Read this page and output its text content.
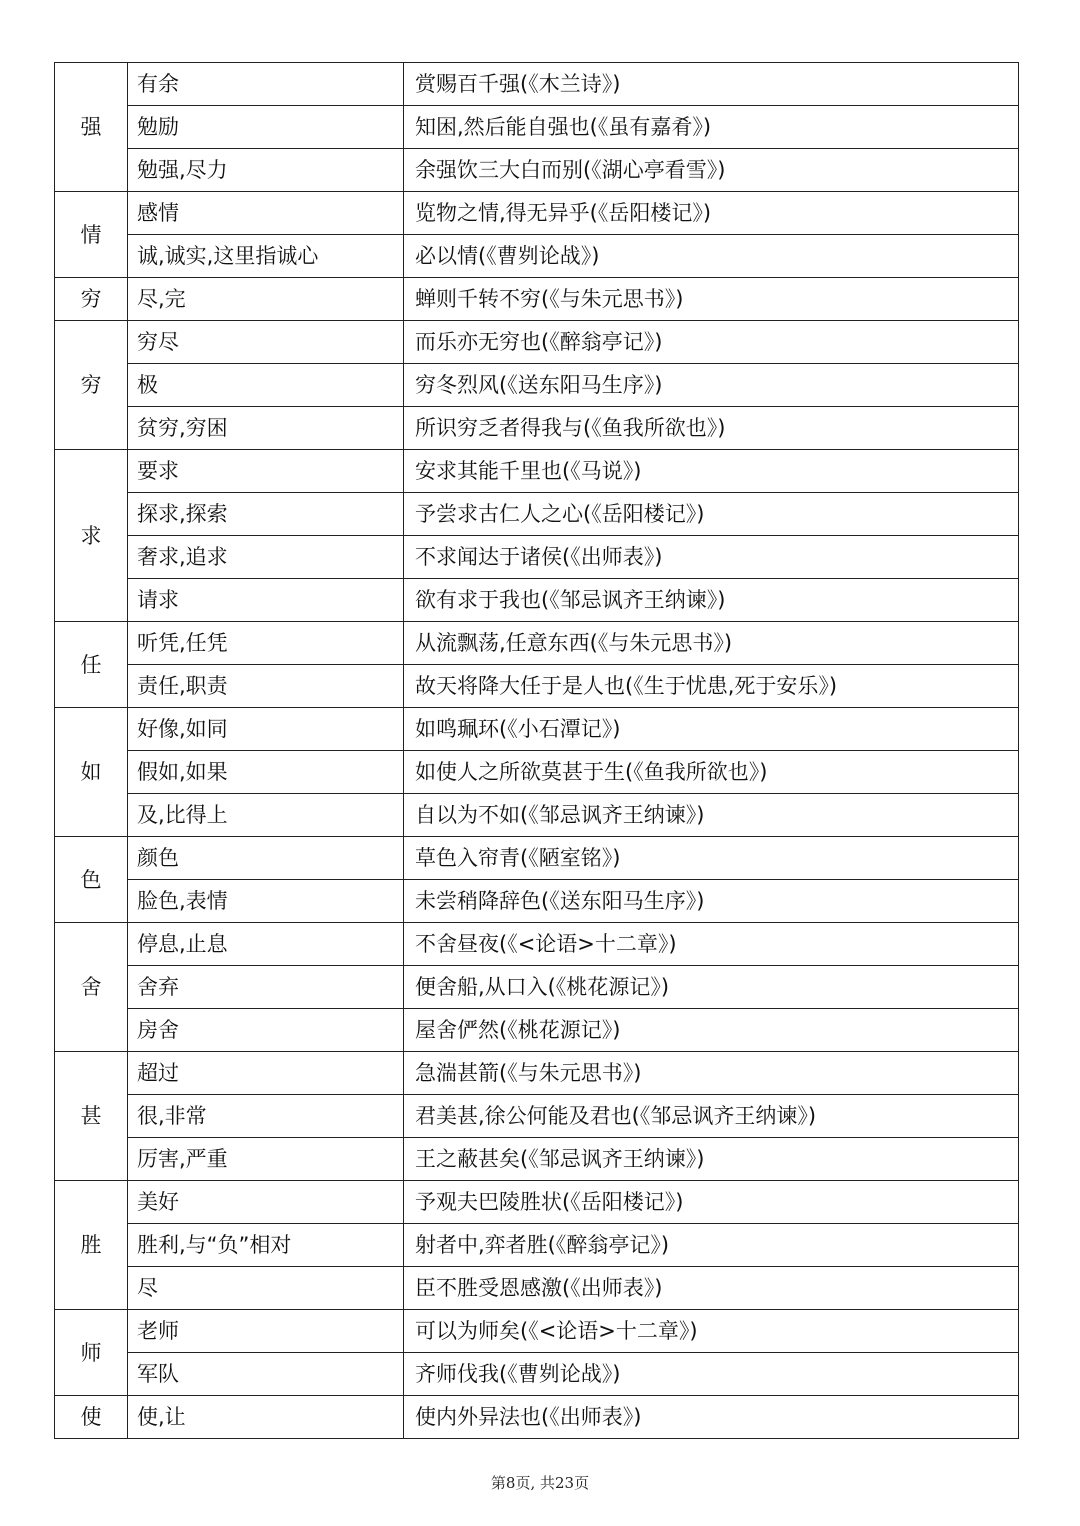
强	有余	赏赐百千强(《木兰诗》)
	勉励	知困,然后能自强也(《虽有嘉肴》)
	勉强,尽力	余强饮三大白而别(《湖心亭看雪》)
情	感情	览物之情,得无异乎(《岳阳楼记》)
	诚,诚实,这里指诚心	必以情(《曹刿论战》)
穷	尽,完	蝉则千转不穷(《与朱元思书》)
穷	穷尽	而乐亦无穷也(《醉翁亭记》)
	极	穷冬烈风(《送东阳马生序》)
	贫穷,穷困	所识穷乏者得我与(《鱼我所欲也》)
求	要求	安求其能千里也(《马说》)
	探求,探索	予尝求古仁人之心(《岳阳楼记》)
	奢求,追求	不求闻达于诸侯(《出师表》)
	请求	欲有求于我也(《邹忌讽齐王纳谏》)
任	听凭,任凭	从流飘荡,任意东西(《与朱元思书》)
	责任,职责	故天将降大任于是人也(《生于忧患,死于安乐》)
如	好像,如同	如鸣珮环(《小石潭记》)
	假如,如果	如使人之所欲莫甚于生(《鱼我所欲也》)
	及,比得上	自以为不如(《邹忌讽齐王纳谏》)
色	颜色	草色入帘青(《陋室铭》)
	脸色,表情	未尝稍降辞色(《送东阳马生序》)
舍	停息,止息	不舍昼夜(《<论语>十二章》)
	舍弃	便舍船,从口入(《桃花源记》)
	房舍	屋舍俨然(《桃花源记》)
甚	超过	急湍甚箭(《与朱元思书》)
	很,非常	君美甚,徐公何能及君也(《邹忌讽齐王纳谏》)
	厉害,严重	王之蔽甚矣(《邹忌讽齐王纳谏》)
胜	美好	予观夫巴陵胜状(《岳阳楼记》)
	胜利,与“负”相对	射者中,弈者胜(《醉翁亭记》)
	尽	臣不胜受恩感激(《出师表》)
师	老师	可以为师矣(《<论语>十二章》)
	军队	齐师伐我(《曹刿论战》)
使	使,让	使内外异法也(《出师表》)
第8页, 共23页
